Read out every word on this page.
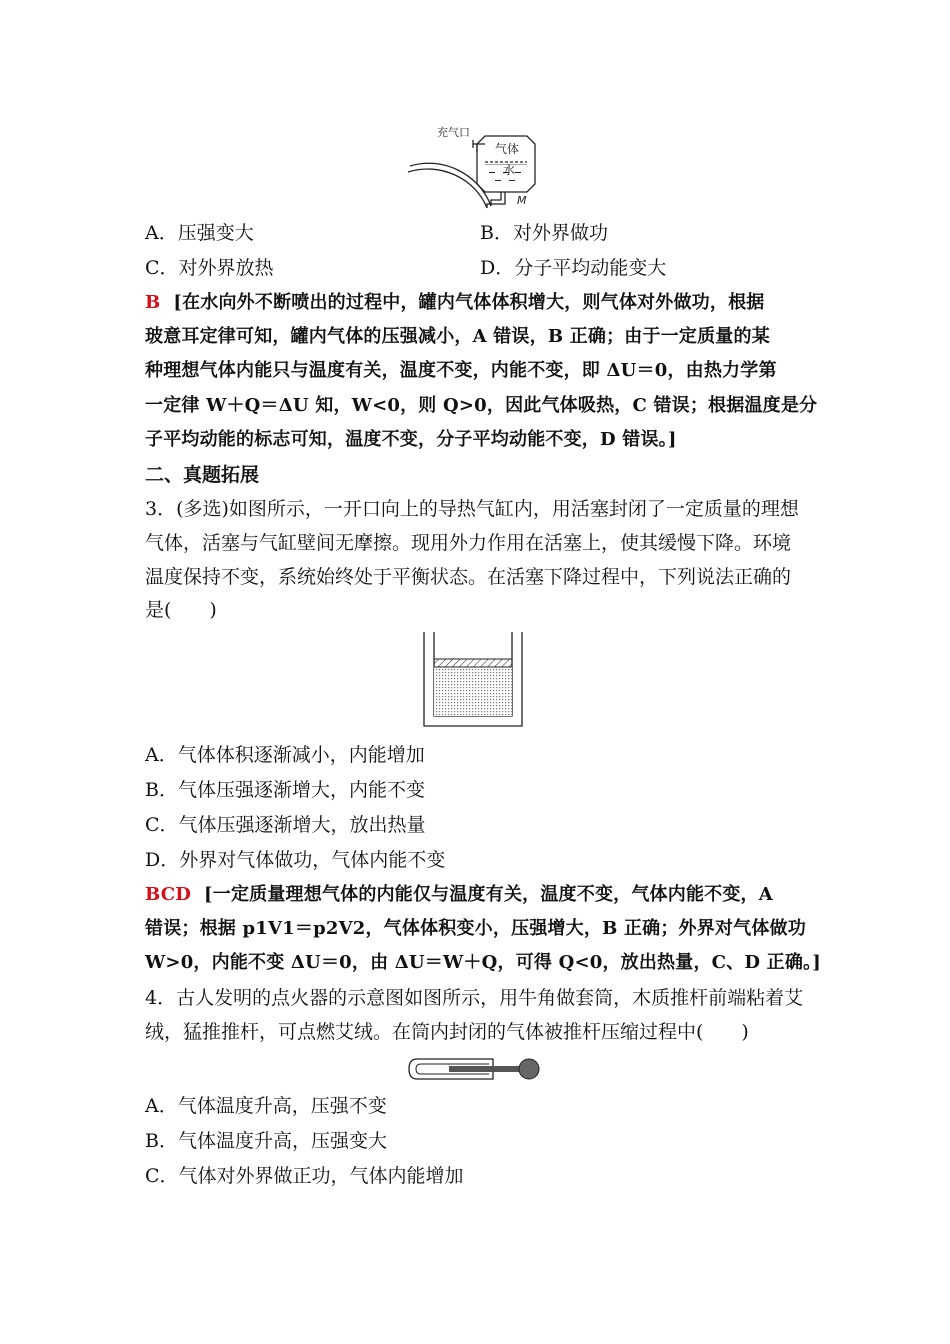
充气口
气体
水
M
A．压强变大	B．对外界做功
C．对外界放热	D．分子平均动能变大
B [在水向外不断喷出的过程中，罐内气体体积增大，则气体对外做功，根据
玻意耳定律可知，罐内气体的压强减小，A 错误，B 正确；由于一定质量的某
种理想气体内能只与温度有关，温度不变，内能不变，即 ΔU＝0，由热力学第
一定律 W＋Q＝ΔU 知，W<0，则 Q>0，因此气体吸热，C 错误；根据温度是分
子平均动能的标志可知，温度不变，分子平均动能不变，D 错误。]
二、真题拓展
3．(多选)如图所示，一开口向上的导热气缸内，用活塞封闭了一定质量的理想
气体，活塞与气缸壁间无摩擦。现用外力作用在活塞上，使其缓慢下降。环境
温度保持不变，系统始终处于平衡状态。在活塞下降过程中，下列说法正确的
是(　　)
A．气体体积逐渐减小，内能增加
B．气体压强逐渐增大，内能不变
C．气体压强逐渐增大，放出热量
D．外界对气体做功，气体内能不变
BCD [一定质量理想气体的内能仅与温度有关，温度不变，气体内能不变，A
错误；根据 p1V1＝p2V2，气体体积变小，压强增大，B 正确；外界对气体做功
W>0，内能不变 ΔU＝0，由 ΔU＝W＋Q，可得 Q<0，放出热量，C、D 正确。]
4．古人发明的点火器的示意图如图所示，用牛角做套筒，木质推杆前端粘着艾
绒，猛推推杆，可点燃艾绒。在筒内封闭的气体被推杆压缩过程中(　　)
A．气体温度升高，压强不变
B．气体温度升高，压强变大
C．气体对外界做正功，气体内能增加
